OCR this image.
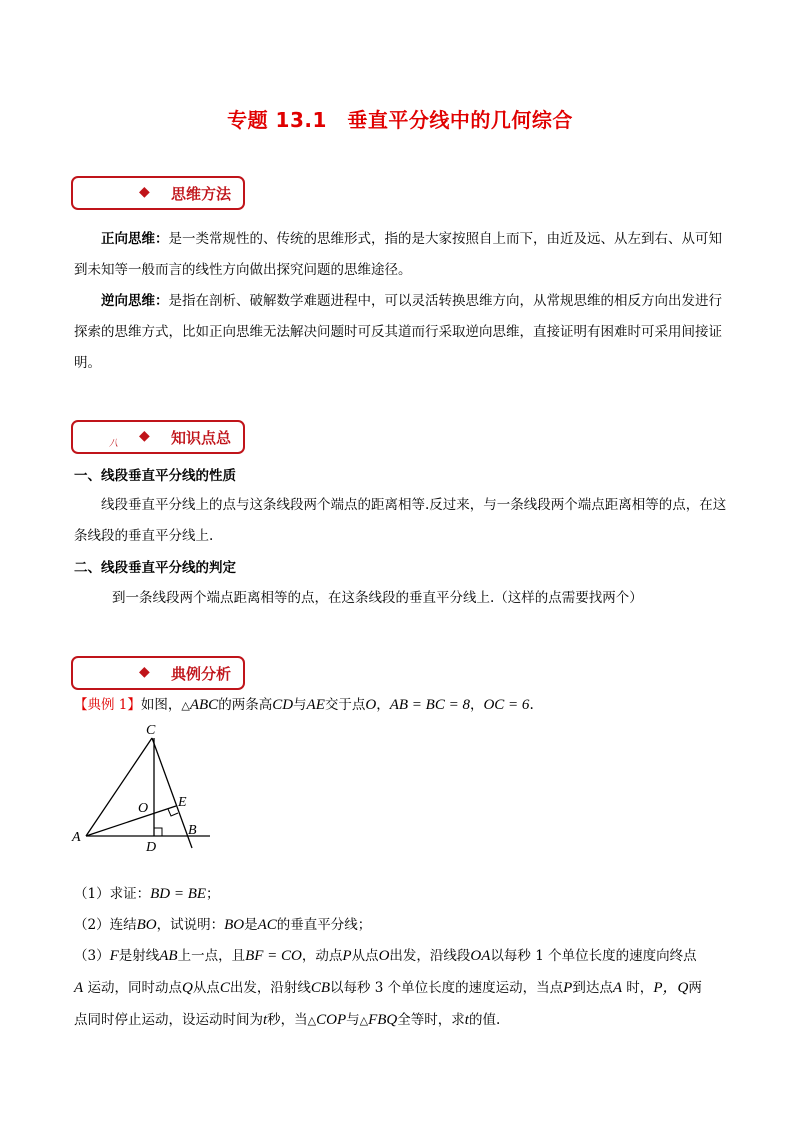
专题 13.1　垂直平分线中的几何综合
◆ 思维方法

正向思维：是一类常规性的、传统的思维形式，指的是大家按照自上而下，由近及远、从左到右、从可知到未知等一般而言的线性方向做出探究问题的思维途径。

逆向思维：是指在剖析、破解数学难题进程中，可以灵活转换思维方向，从常规思维的相反方向出发进行探索的思维方式，比如正向思维无法解决问题时可反其道而行采取逆向思维，直接证明有困难时可采用间接证明。

八 ◆ 知识点总
一、线段垂直平分线的性质

线段垂直平分线上的点与这条线段两个端点的距离相等.反过来，与一条线段两个端点距离相等的点，在这条线段的垂直平分线上.

二、线段垂直平分线的判定
到一条线段两个端点距离相等的点，在这条线段的垂直平分线上.（这样的点需要找两个）
◆ 典例分析
【典例 1】如图，△ABC的两条高CD与AE交于点O，AB = BC = 8，OC = 6.
C
A	B
D
E
O
（1）求证：BD = BE；
（2）连结BO，试说明：BO是AC的垂直平分线；
（3）F是射线AB上一点，且BF = CO，动点P从点O出发，沿线段OA以每秒 1 个单位长度的速度向终点
A 运动，同时动点Q从点C出发，沿射线CB以每秒 3 个单位长度的速度运动，当点P到达点A 时，P，Q两
点同时停止运动，设运动时间为t秒，当△COP与△FBQ全等时，求t的值.
